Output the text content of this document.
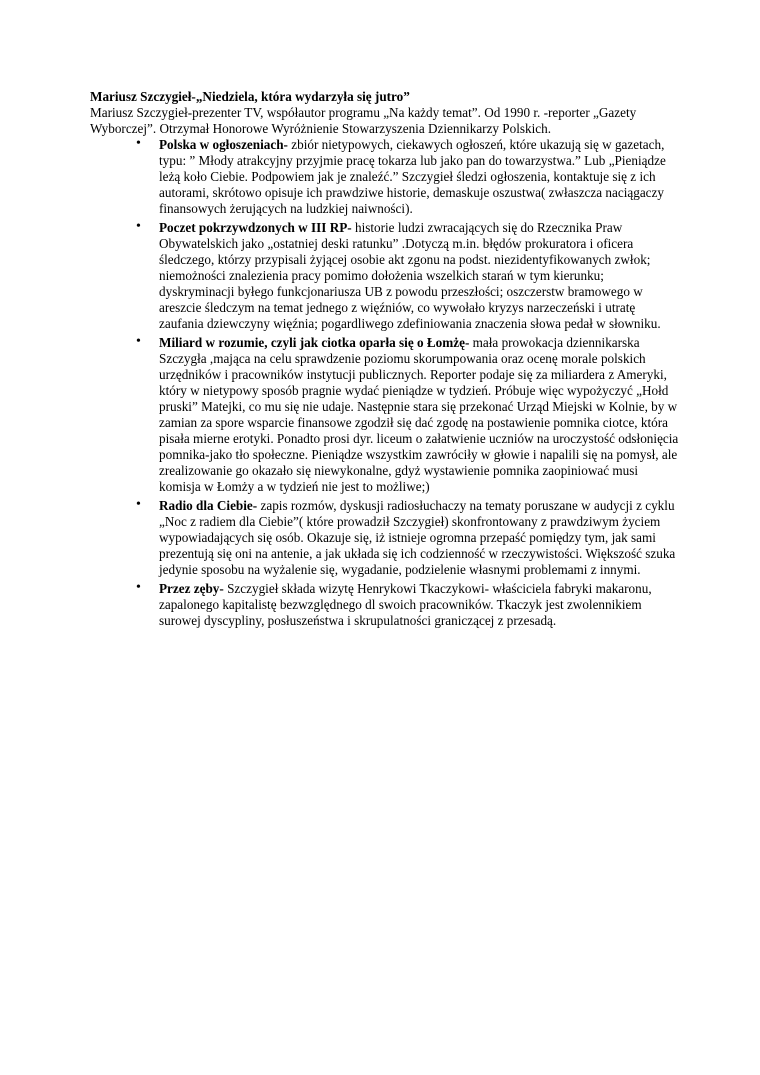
Mariusz Szczygieł-„Niedziela, która wydarzyła się jutro”

Mariusz Szczygieł-prezenter TV, współautor programu „Na każdy temat”. Od 1990 r. -reporter „Gazety Wyborczej”. Otrzymał Honorowe Wyróżnienie Stowarzyszenia Dziennikarzy Polskich.

• Polska w ogłoszeniach- zbiór nietypowych, ciekawych ogłoszeń, które ukazują się w gazetach, typu: ” Młody atrakcyjny przyjmie pracę tokarza lub jako pan do towarzystwa.” Lub „Pieniądze leżą koło Ciebie. Podpowiem jak je znaleźć.” Szczygieł śledzi ogłoszenia, kontaktuje się z ich autorami, skrótowo opisuje ich prawdziwe historie, demaskuje oszustwa( zwłaszcza naciągaczy finansowych żerujących na ludzkiej naiwności).
• Poczet pokrzywdzonych w III RP- historie ludzi zwracających się do Rzecznika Praw Obywatelskich jako „ostatniej deski ratunku” .Dotyczą m.in. błędów prokuratora i oficera śledczego, którzy przypisali żyjącej osobie akt zgonu na podst. niezidentyfikowanych zwłok; niemożności znalezienia pracy pomimo dołożenia wszelkich starań w tym kierunku; dyskryminacji byłego funkcjonariusza UB z powodu przeszłości; oszczerstw bramowego w areszcie śledczym na temat jednego z więźniów, co wywołało kryzys narzeczeński i utratę zaufania dziewczyny więźnia; pogardliwego zdefiniowania znaczenia słowa pedał w słowniku.
• Miliard w rozumie, czyli jak ciotka oparła się o Łomżę- mała prowokacja dziennikarska Szczygła ,mająca na celu sprawdzenie poziomu skorumpowania oraz ocenę morale polskich urzędników i pracowników instytucji publicznych. Reporter podaje się za miliardera z Ameryki, który w nietypowy sposób pragnie wydać pieniądze w tydzień. Próbuje więc wypożyczyć „Hołd pruski” Matejki, co mu się nie udaje. Następnie stara się przekonać Urząd Miejski w Kolnie, by w zamian za spore wsparcie finansowe zgodził się dać zgodę na postawienie pomnika ciotce, która pisała mierne erotyki. Ponadto prosi dyr. liceum o załatwienie uczniów na uroczystość odsłonięcia pomnika-jako tło społeczne. Pieniądze wszystkim zawróciły w głowie i napalili się na pomysł, ale zrealizowanie go okazało się niewykonalne, gdyż wystawienie pomnika zaopiniować musi komisja w Łomży a w tydzień nie jest to możliwe;)
• Radio dla Ciebie- zapis rozmów, dyskusji radiosłuchaczy na tematy poruszane w audycji z cyklu „Noc z radiem dla Ciebie”( które prowadził Szczygieł) skonfrontowany z prawdziwym życiem wypowiadających się osób. Okazuje się, iż istnieje ogromna przepaść pomiędzy tym, jak sami prezentują się oni na antenie, a jak układa się ich codzienność w rzeczywistości. Większość szuka jedynie sposobu na wyżalenie się, wygadanie, podzielenie własnymi problemami z innymi.
• Przez zęby- Szczygieł składa wizytę Henrykowi Tkaczykowi- właściciela fabryki makaronu, zapalonego kapitalistę bezwzględnego dl swoich pracowników. Tkaczyk jest zwolennikiem surowej dyscypliny, posłuszeństwa i skrupulatności graniczącej z przesadą.
